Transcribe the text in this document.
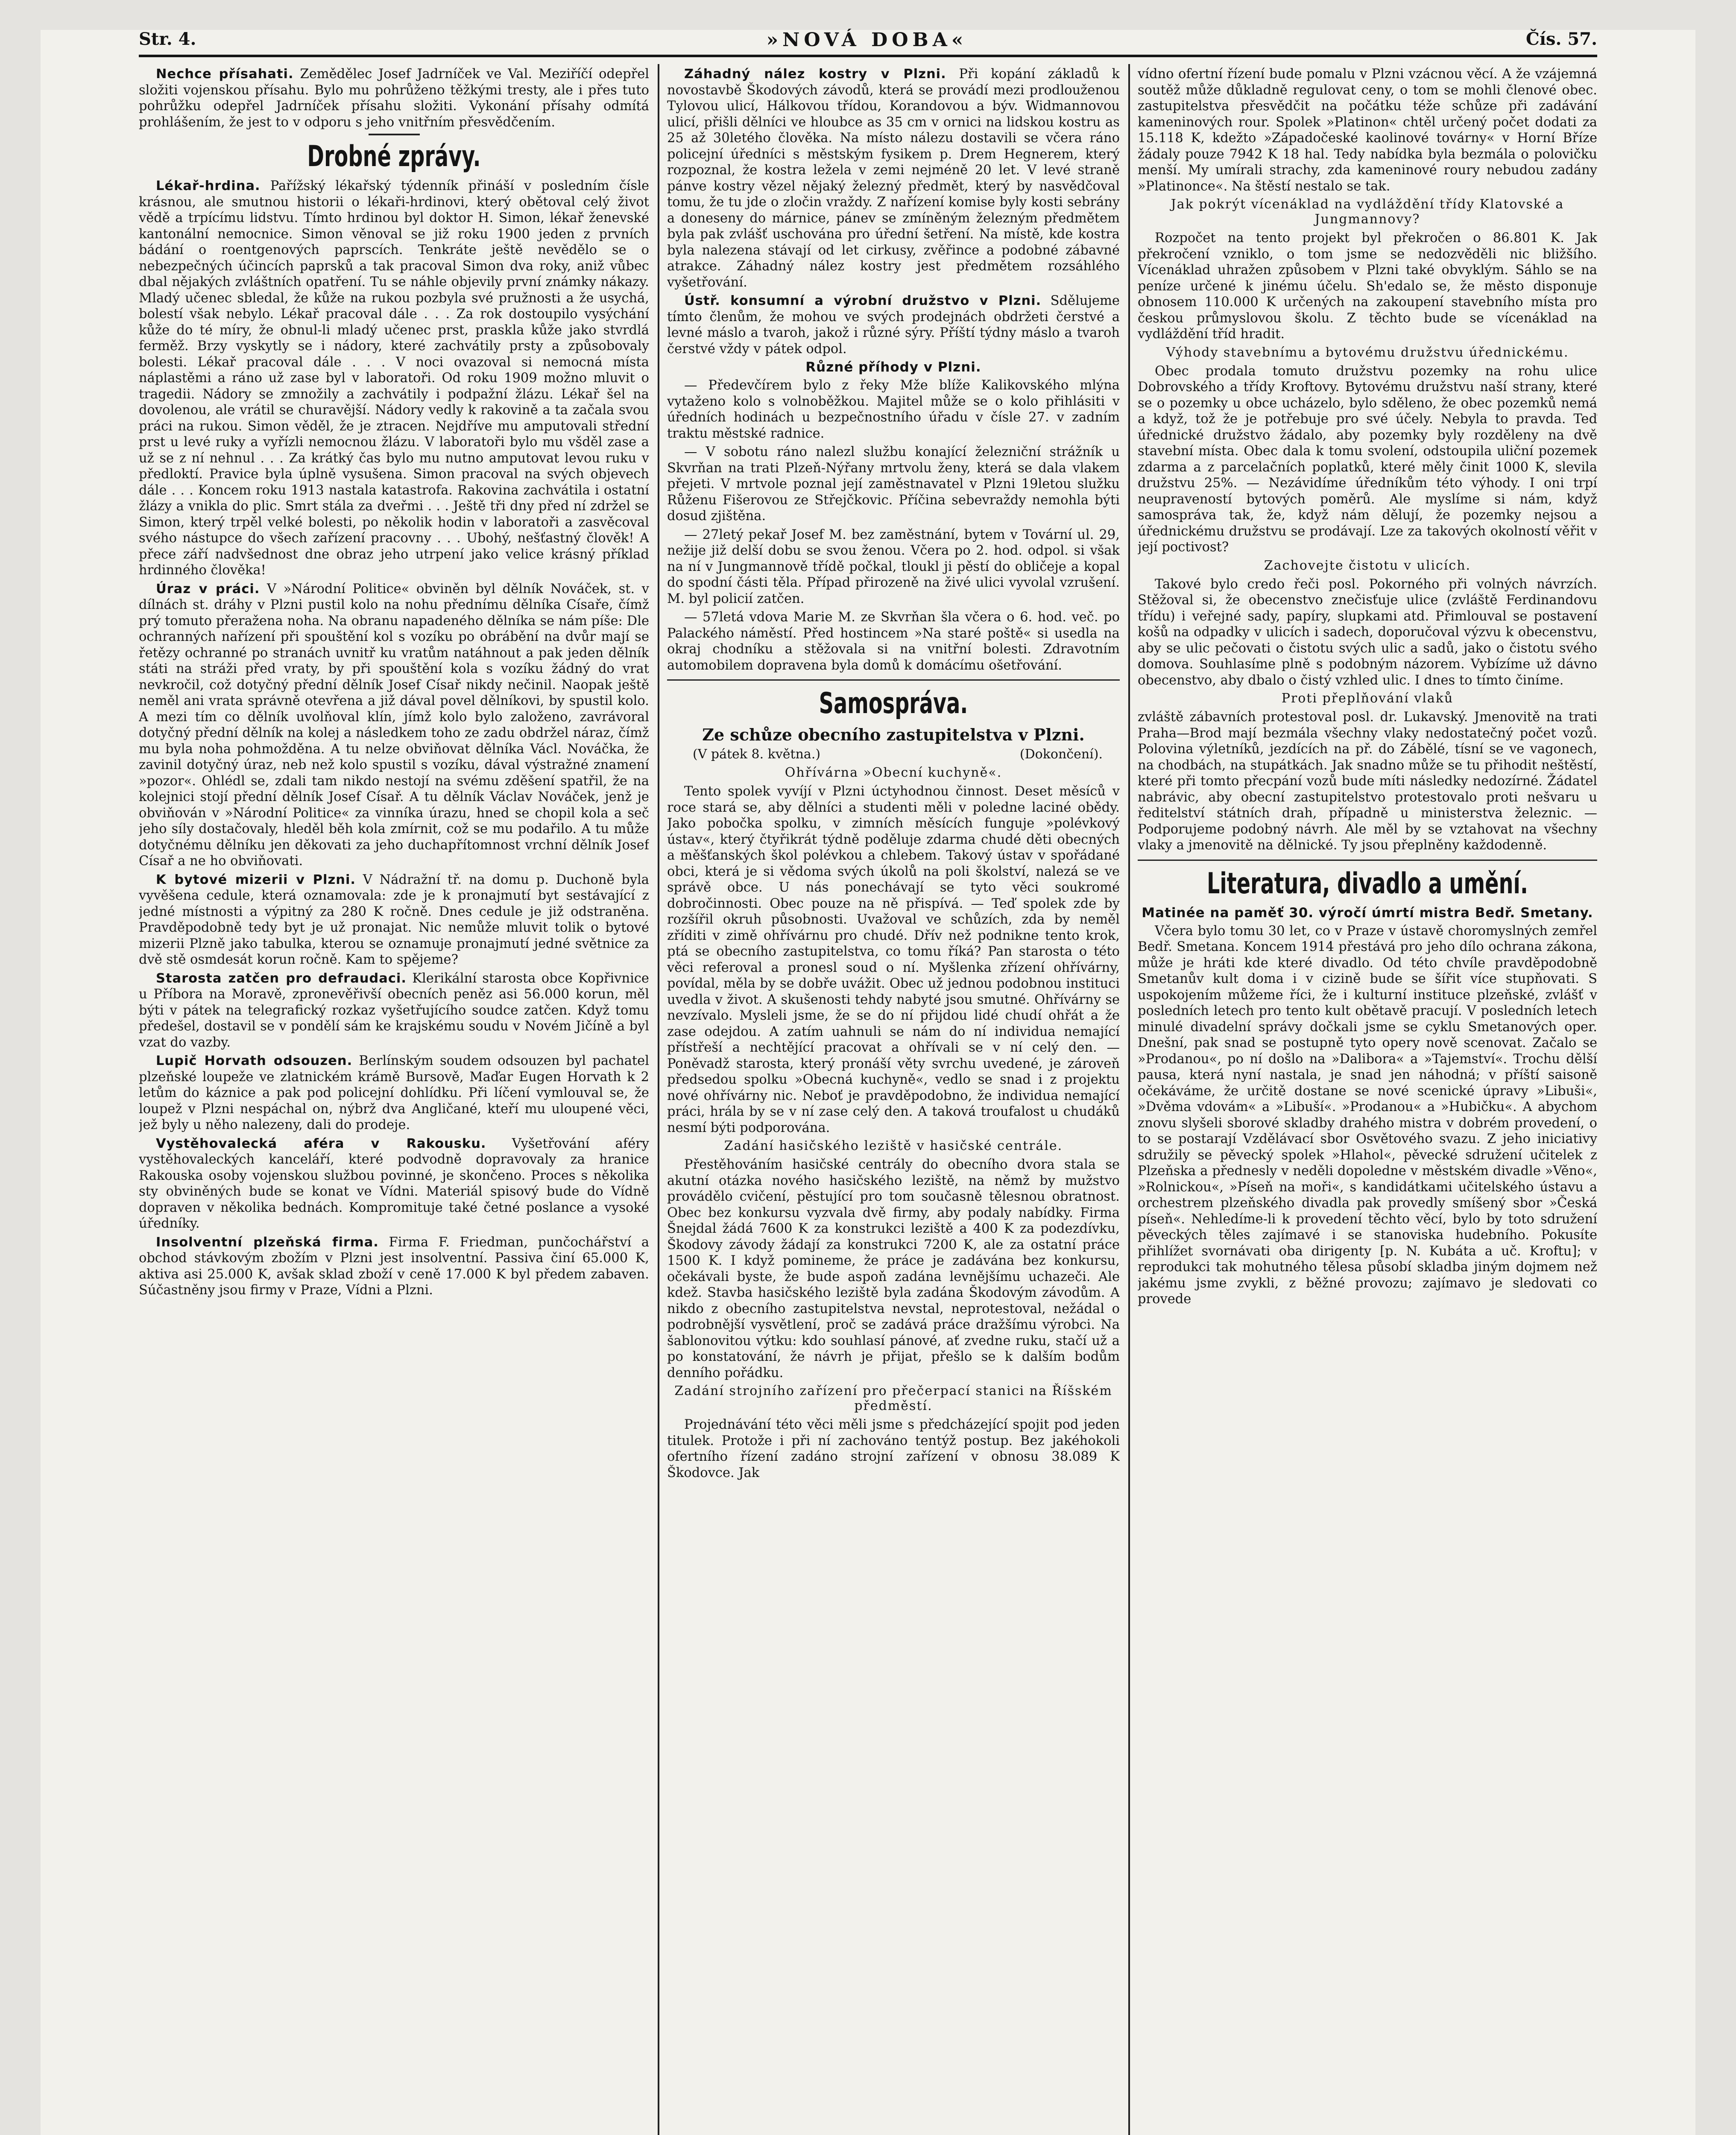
Str. 4.	»NOVÁ DOBA«	Čís. 57.

Nechce přísahati. Zemědělec Josef Jadrníček ve Val. Meziříčí odepřel složiti vojenskou přísahu. Bylo mu pohrůženo těžkými tresty, ale i přes tuto pohrůžku odepřel Jadrníček přísahu složiti. Vykonání přísahy odmítá prohlášením, že jest to v odporu s jeho vnitřním přesvědčením.

Drobné zprávy.

Lékař-hrdina. Pařížský lékařský týdenník přináší v posledním čísle krásnou, ale smutnou historii o lékaři-hrdinovi, který obětoval celý život vědě a trpícímu lidstvu. Tímto hrdinou byl doktor H. Simon, lékař ženevské kantonální nemocnice. Simon věnoval se již roku 1900 jeden z prvních bádání o roentgenových paprscích. Tenkráte ještě nevědělo se o nebezpečných účincích paprsků a tak pracoval Simon dva roky, aniž vůbec dbal nějakých zvláštních opatření. Tu se náhle objevily první známky nákazy. Mladý učenec sbledal, že kůže na rukou pozbyla své pružnosti a že usychá, bolestí však nebylo. Lékař pracoval dále . . . Za rok dostoupilo vysýchání kůže do té míry, že obnul-li mladý učenec prst, praskla kůže jako stvrdlá ferměž. Brzy vyskytly se i nádory, které zachvátily prsty a způsobovaly bolesti. Lékař pracoval dále . . . V noci ovazoval si nemocná místa náplastěmi a ráno už zase byl v laboratoři. Od roku 1909 možno mluvit o tragedii. Nádory se zmnožily a zachvátily i podpažní žlázu. Lékař šel na dovolenou, ale vrátil se churavější. Nádory vedly k rakovině a ta začala svou práci na rukou. Simon věděl, že je ztracen. Nejdříve mu amputovali střední prst u levé ruky a vyřízli nemocnou žlázu. V laboratoři bylo mu všděl zase a už se z ní nehnul . . . Za krátký čas bylo mu nutno amputovat levou ruku v předloktí. Pravice byla úplně vysušena. Simon pracoval na svých objevech dále . . . Koncem roku 1913 nastala katastrofa. Rakovina zachvátila i ostatní žlázy a vnikla do plic. Smrt stála za dveřmi . . . Ještě tři dny před ní zdržel se Simon, který trpěl velké bolesti, po několik hodin v laboratoři a zasvěcoval svého nástupce do všech zařízení pracovny . . . Ubohý, nešťastný člověk! A přece září nadvšednost dne obraz jeho utrpení jako velice krásný příklad hrdinného člověka!

Úraz v práci. V »Národní Politice« obviněn byl dělník Nováček, st. v dílnách st. dráhy v Plzni pustil kolo na nohu přednímu dělníka Císaře, čímž prý tomuto přeražena noha. Na obranu napadeného dělníka se nám píše: Dle ochranných nařízení při spouštění kol s vozíku po obrábění na dvůr mají se řetězy ochranné po stranách uvnitř ku vratům natáhnout a pak jeden dělník státi na stráži před vraty, by při spouštění kola s vozíku žádný do vrat nevkročil, což dotyčný přední dělník Josef Císař nikdy nečinil. Naopak ještě neměl ani vrata správně otevřena a již dával povel dělníkovi, by spustil kolo. A mezi tím co dělník uvolňoval klín, jímž kolo bylo založeno, zavrávoral dotyčný přední dělník na kolej a následkem toho ze zadu obdržel náraz, čímž mu byla noha pohmožděna. A tu nelze obviňovat dělníka Václ. Nováčka, že zavinil dotyčný úraz, neb než kolo spustil s vozíku, dával výstražné znamení »pozor«. Ohlédl se, zdali tam nikdo nestojí na svému zděšení spatřil, že na kolejnici stojí přední dělník Josef Císař. A tu dělník Václav Nováček, jenž je obviňován v »Národní Politice« za vinníka úrazu, hned se chopil kola a seč jeho síly dostačovaly, hleděl běh kola zmírnit, což se mu podařilo. A tu může dotyčnému dělníku jen děkovati za jeho duchapřítomnost vrchní dělník Josef Císař a ne ho obviňovati.

K bytové mizerii v Plzni. V Nádražní tř. na domu p. Duchoně byla vyvěšena cedule, která oznamovala: zde je k pronajmutí byt sestávající z jedné místnosti a výpitný za 280 K ročně. Dnes cedule je již odstraněna. Pravděpodobně tedy byt je už pronajat. Nic nemůže mluvit tolik o bytové mizerii Plzně jako tabulka, kterou se oznamuje pronajmutí jedné světnice za dvě stě osmdesát korun ročně. Kam to spějeme?

Starosta zatčen pro defraudaci. Klerikální starosta obce Kopřivnice u Příbora na Moravě, zpronevěřivší obecních peněz asi 56.000 korun, měl býti v pátek na telegrafický rozkaz vyšetřujícího soudce zatčen. Když tomu předešel, dostavil se v pondělí sám ke krajskému soudu v Novém Jičíně a byl vzat do vazby.

Lupič Horvath odsouzen. Berlínským soudem odsouzen byl pachatel plzeňské loupeže ve zlatnickém krámě Bursově, Maďar Eugen Horvath k 2 letům do káznice a pak pod policejní dohlídku. Při líčení vymlouval se, že loupež v Plzni nespáchal on, nýbrž dva Angličané, kteří mu uloupené věci, jež byly u něho nalezeny, dali do prodeje.

Vystěhovalecká aféra v Rakousku. Vyšetřování aféry vystěhovaleckých kanceláří, které podvodně dopravovaly za hranice Rakouska osoby vojenskou službou povinné, je skončeno. Proces s několika sty obviněných bude se konat ve Vídni. Materiál spisový bude do Vídně dopraven v několika bednách. Kompromituje také četné poslance a vysoké úředníky.

Insolventní plzeňská firma. Firma F. Friedman, punčochářství a obchod stávkovým zbožím v Plzni jest insolventní. Passiva činí 65.000 K, aktiva asi 25.000 K, avšak sklad zboží v ceně 17.000 K byl předem zabaven. Súčastněny jsou firmy v Praze, Vídni a Plzni.

Záhadný nález kostry v Plzni. Při kopání základů k novostavbě Škodových závodů, která se provádí mezi prodlouženou Tylovou ulicí, Hálkovou třídou, Korandovou a býv. Widmannovou ulicí, přišli dělníci ve hloubce as 35 cm v ornici na lidskou kostru as 25 až 30letého člověka. Na místo nálezu dostavili se včera ráno policejní úředníci s městským fysikem p. Drem Hegnerem, který rozpoznal, že kostra ležela v zemi nejméně 20 let. V levé straně pánve kostry vězel nějaký železný předmět, který by nasvědčoval tomu, že tu jde o zločin vraždy. Z nařízení komise byly kosti sebrány a doneseny do márnice, pánev se zmíněným železným předmětem byla pak zvlášť uschována pro úřední šetření. Na místě, kde kostra byla nalezena stávají od let cirkusy, zvěřince a podobné zábavné atrakce. Záhadný nález kostry jest předmětem rozsáhlého vyšetřování.

Ústř. konsumní a výrobní družstvo v Plzni. Sdělujeme tímto členům, že mohou ve svých prodejnách obdržeti čerstvé a levné máslo a tvaroh, jakož i různé sýry. Příští týdny máslo a tvaroh čerstvé vždy v pátek odpol.

Různé příhody v Plzni.

— Předevčírem bylo z řeky Mže blíže Kalikovského mlýna vytaženo kolo s volnoběžkou. Majitel může se o kolo přihlásiti v úředních hodinách u bezpečnostního úřadu v čísle 27. v zadním traktu městské radnice.

— V sobotu ráno nalezl službu konající železniční strážník u Skvrňan na trati Plzeň-Nýřany mrtvolu ženy, která se dala vlakem přejeti. V mrtvole poznal její zaměstnavatel v Plzni 19letou služku Růženu Fišerovou ze Střejčkovic. Příčina sebevraždy nemohla býti dosud zjištěna.

— 27letý pekař Josef M. bez zaměstnání, bytem v Tovární ul. 29, nežije již delší dobu se svou ženou. Včera po 2. hod. odpol. si však na ní v Jungmannově třídě počkal, tloukl ji pěstí do obličeje a kopal do spodní části těla. Případ přirozeně na živé ulici vyvolal vzrušení. M. byl policií zatčen.

— 57letá vdova Marie M. ze Skvrňan šla včera o 6. hod. več. po Palackého náměstí. Před hostincem »Na staré poště« si usedla na okraj chodníku a stěžovala si na vnitřní bolesti. Zdravotním automobilem dopravena byla domů k domácímu ošetřování.

Samospráva.
Ze schůze obecního zastupitelstva v Plzni.
(V pátek 8. května.)	(Dokončení).
Ohřívárna »Obecní kuchyně«.

Tento spolek vyvíjí v Plzni úctyhodnou činnost. Deset měsíců v roce stará se, aby dělníci a studenti měli v poledne laciné obědy. Jako pobočka spolku, v zimních měsících funguje »polévkový ústav«, který čtyřikrát týdně poděluje zdarma chudé děti obecných a měšťanských škol polévkou a chlebem. Takový ústav v spořádané obci, která je si vědoma svých úkolů na poli školství, nalezá se ve správě obce. U nás ponechávají se tyto věci soukromé dobročinnosti. Obec pouze na ně přispívá. — Teď spolek zde by rozšířil okruh působnosti. Uvažoval ve schůzích, zda by neměl zříditi v zimě ohřívárnu pro chudé. Dřív než podnikne tento krok, ptá se obecního zastupitelstva, co tomu říká? Pan starosta o této věci referoval a pronesl soud o ní. Myšlenka zřízení ohřívárny, povídal, měla by se dobře uvážit. Obec už jednou podobnou instituci uvedla v život. A skušenosti tehdy nabyté jsou smutné. Ohřívárny se nevzívalo. Mysleli jsme, že se do ní přijdou lidé chudí ohřát a že zase odejdou. A zatím uahnuli se nám do ní individua nemající přístřeší a nechtějící pracovat a ohřívali se v ní celý den. — Poněvadž starosta, který pronáší věty svrchu uvedené, je zároveň předsedou spolku »Obecná kuchyně«, vedlo se snad i z projektu nové ohřívárny nic. Neboť je pravděpodobno, že individua nemající práci, hrála by se v ní zase celý den. A taková troufalost u chudáků nesmí býti podporována.

Zadání hasičského leziště v hasičské centrále.

Přestěhováním hasičské centrály do obecního dvora stala se akutní otázka nového hasičského leziště, na němž by mužstvo provádělo cvičení, pěstující pro tom současně tělesnou obratnost. Obec bez konkursu vyzvala dvě firmy, aby podaly nabídky. Firma Šnejdal žádá 7600 K za konstrukci leziště a 400 K za podezdívku, Škodovy závody žádají za konstrukci 7200 K, ale za ostatní práce 1500 K. I když pomineme, že práce je zadávána bez konkursu, očekávali byste, že bude aspoň zadána levnějšímu uchazeči. Ale kdež. Stavba hasičského leziště byla zadána Škodovým závodům. A nikdo z obecního zastupitelstva nevstal, neprotestoval, nežádal o podrobnější vysvětlení, proč se zadává práce dražšímu výrobci. Na šablonovitou výtku: kdo souhlasí pánové, ať zvedne ruku, stačí už a po konstatování, že návrh je přijat, přešlo se k dalším bodům denního pořádku.

Zadání strojního zařízení pro přečerpací stanici na Říšském předměstí.

Projednávání této věci měli jsme s předcházející spojit pod jeden titulek. Protože i při ní zachováno tentýž postup. Bez jakéhokoli ofertního řízení zadáno strojní zařízení v obnosu 38.089 K Škodovce. Jak

vídno ofertní řízení bude pomalu v Plzni vzácnou věcí. A že vzájemná soutěž může důkladně regulovat ceny, o tom se mohli členové obec. zastupitelstva přesvědčit na počátku téže schůze při zadávání kameninových rour. Spolek »Platinon« chtěl určený počet dodati za 15.118 K, kdežto »Západočeské kaolinové továrny« v Horní Bříze žádaly pouze 7942 K 18 hal. Tedy nabídka byla bezmála o polovičku menší. My umírali strachy, zda kameninové roury nebudou zadány »Platinonce«. Na štěstí nestalo se tak.

Jak pokrýt vícenáklad na vydláždění třídy Klatovské a Jungmannovy?

Rozpočet na tento projekt byl překročen o 86.801 K. Jak překročení vzniklo, o tom jsme se nedozvěděli nic bližšího. Vícenáklad uhražen způsobem v Plzni také obvyklým. Sáhlo se na peníze určené k jinému účelu. Sh'edalo se, že město disponuje obnosem 110.000 K určených na zakoupení stavebního místa pro českou průmyslovou školu. Z těchto bude se vícenáklad na vydláždění tříd hradit.

Výhody stavebnímu a bytovému družstvu úřednickému.

Obec prodala tomuto družstvu pozemky na rohu ulice Dobrovského a třídy Kroftovy. Bytovému družstvu naší strany, které se o pozemky u obce ucházelo, bylo sděleno, že obec pozemků nemá a když, tož že je potřebuje pro své účely. Nebyla to pravda. Teď úřednické družstvo žádalo, aby pozemky byly rozděleny na dvě stavební místa. Obec dala k tomu svolení, odstoupila uliční pozemek zdarma a z parcelačních poplatků, které měly činit 1000 K, slevila družstvu 25%. — Nezávidíme úředníkům této výhody. I oni trpí neupraveností bytových poměrů. Ale myslíme si nám, když samospráva tak, že, když nám dělují, že pozemky nejsou a úřednickému družstvu se prodávají. Lze za takových okolností věřit v její poctivost?

Zachovejte čistotu v ulicích.

Takové bylo credo řeči posl. Pokorného při volných návrzích. Stěžoval si, že obecenstvo znečisťuje ulice (zvláště Ferdinandovu třídu) i veřejné sady, papíry, slupkami atd. Přimlouval se postavení košů na odpadky v ulicích i sadech, doporučoval výzvu k obecenstvu, aby se ulic pečovati o čistotu svých ulic a sadů, jako o čistotu svého domova. Souhlasíme plně s podobným názorem. Vybízíme už dávno obecenstvo, aby dbalo o čistý vzhled ulic. I dnes to tímto činíme.

Proti přeplňování vlaků

zvláště zábavních protestoval posl. dr. Lukavský. Jmenovitě na trati Praha—Brod mají bezmála všechny vlaky nedostatečný počet vozů. Polovina výletníků, jezdících na př. do Zábělé, tísní se ve vagonech, na chodbách, na stupátkách. Jak snadno může se tu přihodit neštěstí, které při tomto přecpání vozů bude míti následky nedozírné. Žádatel nabrávic, aby obecní zastupitelstvo protestovalo proti nešvaru u ředitelství státních drah, případně u ministerstva železnic. — Podporujeme podobný návrh. Ale měl by se vztahovat na všechny vlaky a jmenovitě na dělnické. Ty jsou přeplněny každodenně.

Literatura, divadlo a umění.
Matinée na paměť 30. výročí úmrtí mistra Bedř. Smetany.

Včera bylo tomu 30 let, co v Praze v ústavě choromyslných zemřel Bedř. Smetana. Koncem 1914 přestává pro jeho dílo ochrana zákona, může je hráti kde které divadlo. Od této chvíle pravděpodobně Smetanův kult doma i v cizině bude se šířit více stupňovati. S uspokojením můžeme říci, že i kulturní instituce plzeňské, zvlášť v posledních letech pro tento kult obětavě pracují. V posledních letech minulé divadelní správy dočkali jsme se cyklu Smetanových oper. Dnešní, pak snad se postupně tyto opery nově scenovat. Začalo se »Prodanou«, po ní došlo na »Dalibora« a »Tajemství«. Trochu dělší pausa, která nyní nastala, je snad jen náhodná; v příští saisoně očekáváme, že určitě dostane se nové scenické úpravy »Libuši«, »Dvěma vdovám« a »Libuší«. »Prodanou« a »Hubičku«. A abychom znovu slyšeli sborové skladby drahého mistra v dobrém provedení, o to se postarají Vzdělávací sbor Osvětového svazu. Z jeho iniciativy sdružily se pěvecký spolek »Hlahol«, pěvecké sdružení učitelek z Plzeňska a přednesly v neděli dopoledne v městském divadle »Věno«, »Rolnickou«, »Píseň na moři«, s kandidátkami učitelského ústavu a orchestrem plzeňského divadla pak provedly smíšený sbor »Česká píseň«. Nehledíme-li k provedení těchto věcí, bylo by toto sdružení pěveckých těles zajímavé i se stanoviska hudebního. Pokusíte přihlížet svornávati oba dirigenty [p. N. Kubáta a uč. Kroftu]; v reprodukci tak mohutného tělesa působí skladba jiným dojmem než jakému jsme zvykli, z běžné provozu; zajímavo je sledovati co provede
